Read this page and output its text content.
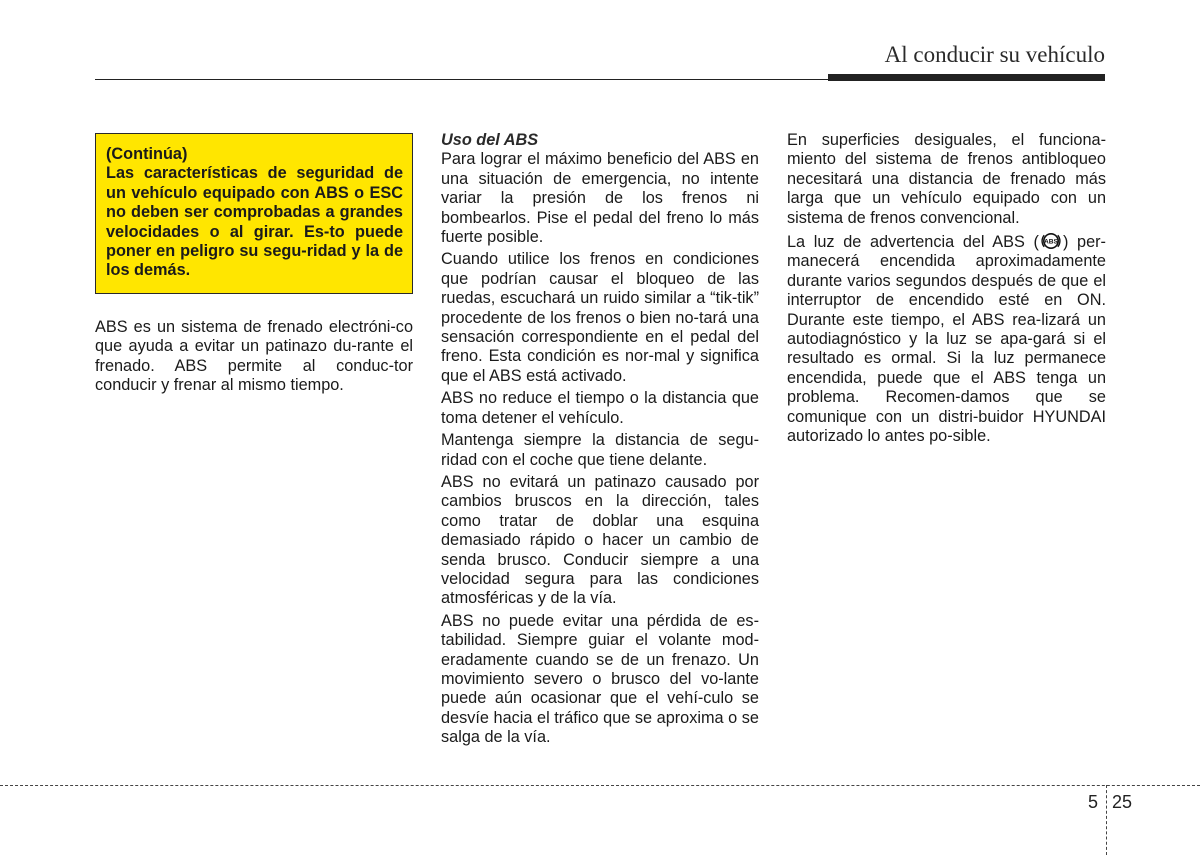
Al conducir su vehículo

(Continúa)

Las características de seguridad de un vehículo equipado con ABS o ESC no deben ser comprobadas a grandes velocidades o al girar. Es-to puede poner en peligro su segu-ridad y la de los demás.

ABS es un sistema de frenado electróni-co que ayuda a evitar un patinazo du-rante el frenado. ABS permite al conduc-tor conducir y frenar al mismo tiempo.

Uso del ABS

Para lograr el máximo beneficio del ABS en una situación de emergencia, no intente variar la presión de los frenos ni bombearlos. Pise el pedal del freno lo más fuerte posible.

Cuando utilice los frenos en condiciones que podrían causar el bloqueo de las ruedas, escuchará un ruido similar a “tik-tik” procedente de los frenos o bien no-tará una sensación correspondiente en el pedal del freno. Esta condición es nor-mal y significa que el ABS está activado.

ABS no reduce el tiempo o la distancia que toma detener el vehículo.

Mantenga siempre la distancia de segu-ridad con el coche que tiene delante.

ABS no evitará un patinazo causado por cambios bruscos en la dirección, tales como tratar de doblar una esquina demasiado rápido o hacer un cambio de senda brusco. Conducir siempre a una velocidad segura para las condiciones atmosféricas y de la vía.

ABS no puede evitar una pérdida de es-tabilidad. Siempre guiar el volante mod-eradamente cuando se de un frenazo. Un movimiento severo o brusco del vo-lante puede aún ocasionar que el vehí-culo se desvíe hacia el tráfico que se aproxima o se salga de la vía.

En superficies desiguales, el funciona-miento del sistema de frenos antibloqueo necesitará una distancia de frenado más larga que un vehículo equipado con un sistema de frenos convencional.

La luz de advertencia del ABS ( ABS ) per-manecerá encendida aproximadamente durante varios segundos después de que el interruptor de encendido esté en ON. Durante este tiempo, el ABS rea-lizará un autodiagnóstico y la luz se apa-gará si el resultado es ormal. Si la luz permanece encendida, puede que el ABS tenga un problema. Recomen-damos que se comunique con un distri-buidor HYUNDAI autorizado lo antes po-sible.

5 25
